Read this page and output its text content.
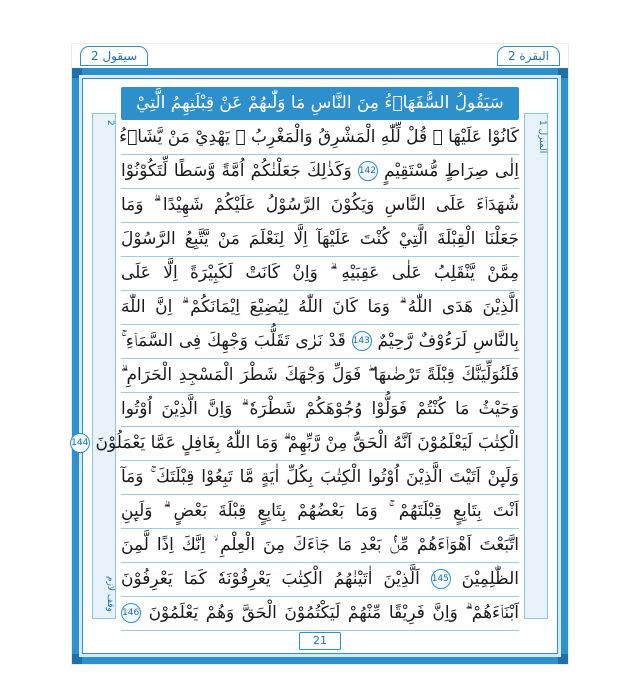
سیقول 2	البقرة 2
2
وقف لازم
المنزل 1
سَيَقُولُ السُّفَهَاۤءُ مِنَ النَّاسِ مَا وَلّٰىهُمْ عَنْ قِبْلَتِهِمُ الَّتِيْ
كَانُوْا عَلَيْهَا ۗ قُلْ لِّلّٰهِ الْمَشْرِقُ وَالْمَغْرِبُ ۗ يَهْدِيْ مَنْ يَّشَاۤءُ
اِلٰى صِرَاطٍ مُّسْتَقِيْمٍ 142 وَكَذٰلِكَ جَعَلْنٰكُمْ اُمَّةً وَّسَطًا لِّتَكُوْنُوْا
شُهَدَاۤءَ عَلَى النَّاسِ وَيَكُوْنَ الرَّسُوْلُ عَلَيْكُمْ شَهِيْدًا ۗ وَمَا
جَعَلْنَا الْقِبْلَةَ الَّتِيْ كُنْتَ عَلَيْهَآ اِلَّا لِنَعْلَمَ مَنْ يَّتَّبِعُ الرَّسُوْلَ
مِمَّنْ يَّنْقَلِبُ عَلٰى عَقِبَيْهِ ۗ وَاِنْ كَانَتْ لَكَبِيْرَةً اِلَّا عَلَى
الَّذِيْنَ هَدَى اللّٰهُ ۗ وَمَا كَانَ اللّٰهُ لِيُضِيْعَ اِيْمَانَكُمْ ۗ اِنَّ اللّٰهَ
بِالنَّاسِ لَرَءُوْفٌ رَّحِيْمٌ 143 قَدْ نَرٰى تَقَلُّبَ وَجْهِكَ فِى السَّمَاۤءِ ۚ
فَلَنُوَلِّيَنَّكَ قِبْلَةً تَرْضٰىهَا ۖ فَوَلِّ وَجْهَكَ شَطْرَ الْمَسْجِدِ الْحَرَامِ ۗ
وَحَيْثُ مَا كُنْتُمْ فَوَلُّوْا وُجُوْهَكُمْ شَطْرَهٗ ۗ وَاِنَّ الَّذِيْنَ اُوْتُوا
الْكِتٰبَ لَيَعْلَمُوْنَ اَنَّهُ الْحَقُّ مِنْ رَّبِّهِمْ ۗ وَمَا اللّٰهُ بِغَافِلٍ عَمَّا يَعْمَلُوْنَ 144
وَلَىِٕنْ اَتَيْتَ الَّذِيْنَ اُوْتُوا الْكِتٰبَ بِكُلِّ اٰيَةٍ مَّا تَبِعُوْا قِبْلَتَكَ ۚ وَمَآ
اَنْتَ بِتَابِعٍ قِبْلَتَهُمْ ۚ وَمَا بَعْضُهُمْ بِتَابِعٍ قِبْلَةَ بَعْضٍ ۗ وَلَىِٕنِ
اتَّبَعْتَ اَهْوَاۤءَهُمْ مِّنْۢ بَعْدِ مَا جَاۤءَكَ مِنَ الْعِلْمِ ۙ اِنَّكَ اِذًا لَّمِنَ
الظّٰلِمِيْنَ 145 اَلَّذِيْنَ اٰتَيْنٰهُمُ الْكِتٰبَ يَعْرِفُوْنَهٗ كَمَا يَعْرِفُوْنَ
اَبْنَاۤءَهُمْ ۗ وَاِنَّ فَرِيْقًا مِّنْهُمْ لَيَكْتُمُوْنَ الْحَقَّ وَهُمْ يَعْلَمُوْنَ 146
21
